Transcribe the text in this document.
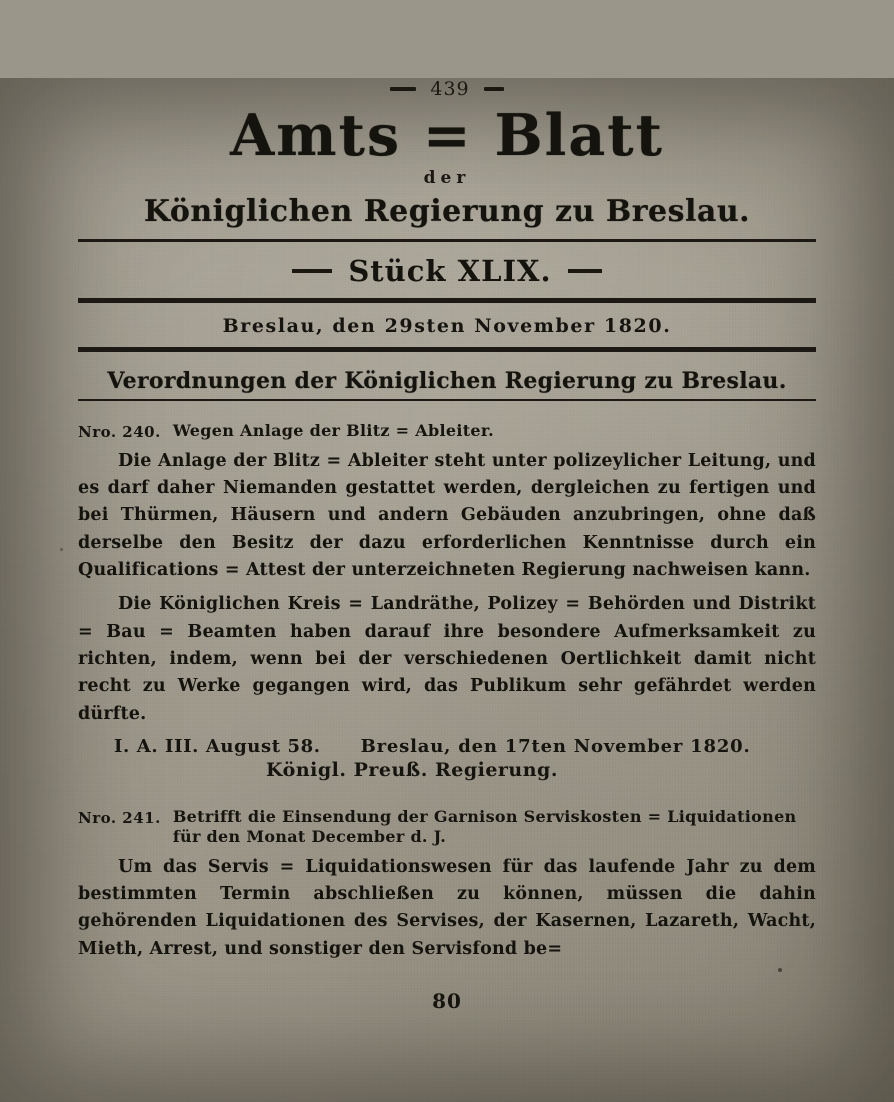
439
Amts = Blatt
der
Königlichen Regierung zu Breslau.
Stück XLIX.
Breslau, den 29sten November 1820.
Verordnungen der Königlichen Regierung zu Breslau.
Nro. 240. Wegen Anlage der Blitz = Ableiter.

Die Anlage der Blitz = Ableiter steht unter polizeylicher Leitung, und es darf daher Niemanden gestattet werden, dergleichen zu fertigen und bei Thürmen, Häusern und andern Gebäuden anzubringen, ohne daß derselbe den Besitz der dazu erforderlichen Kenntnisse durch ein Qualifications = Attest der unterzeichneten Regierung nachweisen kann.

Die Königlichen Kreis = Landräthe, Polizey = Behörden und Distrikt = Bau = Beamten haben darauf ihre besondere Aufmerksamkeit zu richten, indem, wenn bei der verschiedenen Oertlichkeit damit nicht recht zu Werke gegangen wird, das Publikum sehr gefährdet werden dürfte.

I. A. III. August 58. Breslau, den 17ten November 1820.
Königl. Preuß. Regierung.
Nro. 241. Betrifft die Einsendung der Garnison Serviskosten = Liquidationen für den Monat December d. J.

Um das Servis = Liquidationswesen für das laufende Jahr zu dem bestimmten Termin abschließen zu können, müssen die dahin gehörenden Liquidationen des Servises, der Kasernen, Lazareth, Wacht, Mieth, Arrest, und sonstiger den Servisfond be=

80
